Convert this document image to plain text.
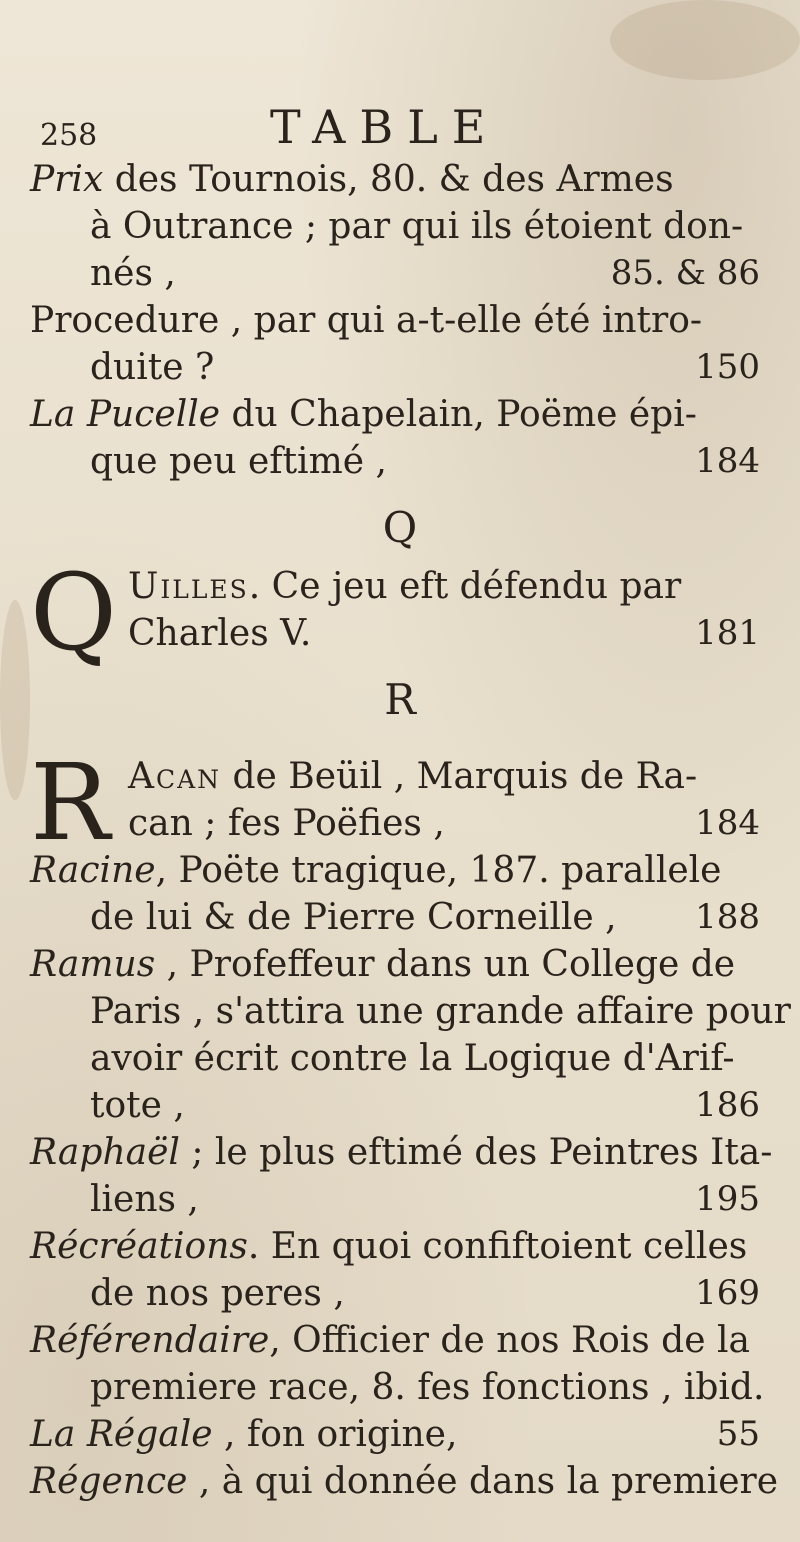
258	TABLE
Prix des Tournois, 80. & des Armes
à Outrance ; par qui ils étoient don-
nés ,	85. & 86
Procedure , par qui a-t-elle été intro-
duite ?	150
La Pucelle du Chapelain, Poëme épi-
que peu eftimé ,	184
Q
Q Uilles. Ce jeu eft défendu par
Charles V.	181
R
R Acan de Beüil , Marquis de Ra-
can ; fes Poëfies ,	184
Racine, Poëte tragique, 187. parallele
de lui & de Pierre Corneille , 188
Ramus , Profeffeur dans un College de
Paris , s'attira une grande affaire pour
avoir écrit contre la Logique d'Arif-
tote ,	186
Raphaël ; le plus eftimé des Peintres Ita-
liens ,	195
Récréations. En quoi confiftoient celles
de nos peres ,	169
Référendaire, Officier de nos Rois de la
premiere race, 8. fes fonctions , ibid.
La Régale , fon origine,	55
Régence , à qui donnée dans la premiere
